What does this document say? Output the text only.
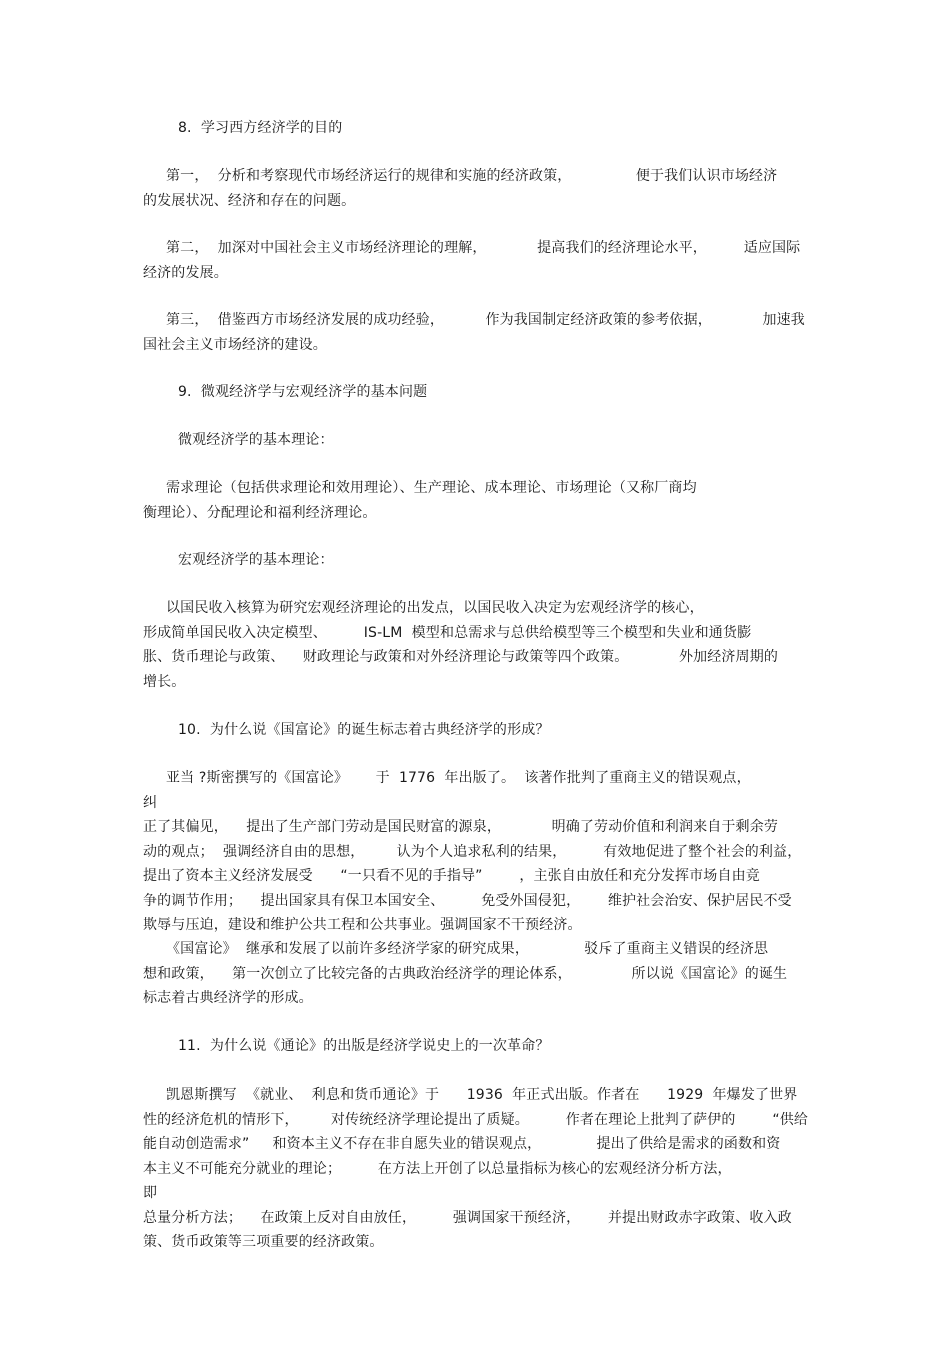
8.  学习西方经济学的目的

第一，  分析和考察现代市场经济运行的规律和实施的经济政策，              便于我们认识市场经济
的发展状况、经济和存在的问题。

第二，  加深对中国社会主义市场经济理论的理解，           提高我们的经济理论水平，        适应国际
经济的发展。

第三，  借鉴西方市场经济发展的成功经验，         作为我国制定经济政策的参考依据，           加速我
国社会主义市场经济的建设。

9.  微观经济学与宏观经济学的基本问题

微观经济学的基本理论：

需求理论（包括供求理论和效用理论）、生产理论、成本理论、市场理论（又称厂商均
衡理论）、分配理论和福利经济理论。

宏观经济学的基本理论：

以国民收入核算为研究宏观经济理论的出发点，以国民收入决定为宏观经济学的核心，
形成简单国民收入决定模型、        IS-LM  模型和总需求与总供给模型等三个模型和失业和通货膨
胀、货币理论与政策、    财政理论与政策和对外经济理论与政策等四个政策。           外加经济周期的
增长。

10.  为什么说《国富论》的诞生标志着古典经济学的形成？

亚当 ?斯密撰写的《国富论》      于  1776  年出版了。  该著作批判了重商主义的错误观点，            纠
正了其偏见，    提出了生产部门劳动是国民财富的源泉，           明确了劳动价值和利润来自于剩余劳
动的观点；  强调经济自由的思想，       认为个人追求私利的结果，        有效地促进了整个社会的利益，
提出了资本主义经济发展受      “一只看不见的手指导”        ，主张自由放任和充分发挥市场自由竞
争的调节作用；    提出国家具有保卫本国安全、        免受外国侵犯，      维护社会治安、保护居民不受
欺辱与压迫，建设和维护公共工程和公共事业。强调国家不干预经济。

《国富论》  继承和发展了以前许多经济学家的研究成果，            驳斥了重商主义错误的经济思
想和政策，    第一次创立了比较完备的古典政治经济学的理论体系，             所以说《国富论》的诞生
标志着古典经济学的形成。

11.  为什么说《通论》的出版是经济学说史上的一次革命？

凯恩斯撰写  《就业、  利息和货币通论》于      1936  年正式出版。作者在      1929  年爆发了世界
性的经济危机的情形下，       对传统经济学理论提出了质疑。        作者在理论上批判了萨伊的        “供给
能自动创造需求”     和资本主义不存在非自愿失业的错误观点，            提出了供给是需求的函数和资
本主义不可能充分就业的理论；        在方法上开创了以总量指标为核心的宏观经济分析方法，                即
总量分析方法；    在政策上反对自由放任，        强调国家干预经济，      并提出财政赤字政策、收入政
策、货币政策等三项重要的经济政策。
